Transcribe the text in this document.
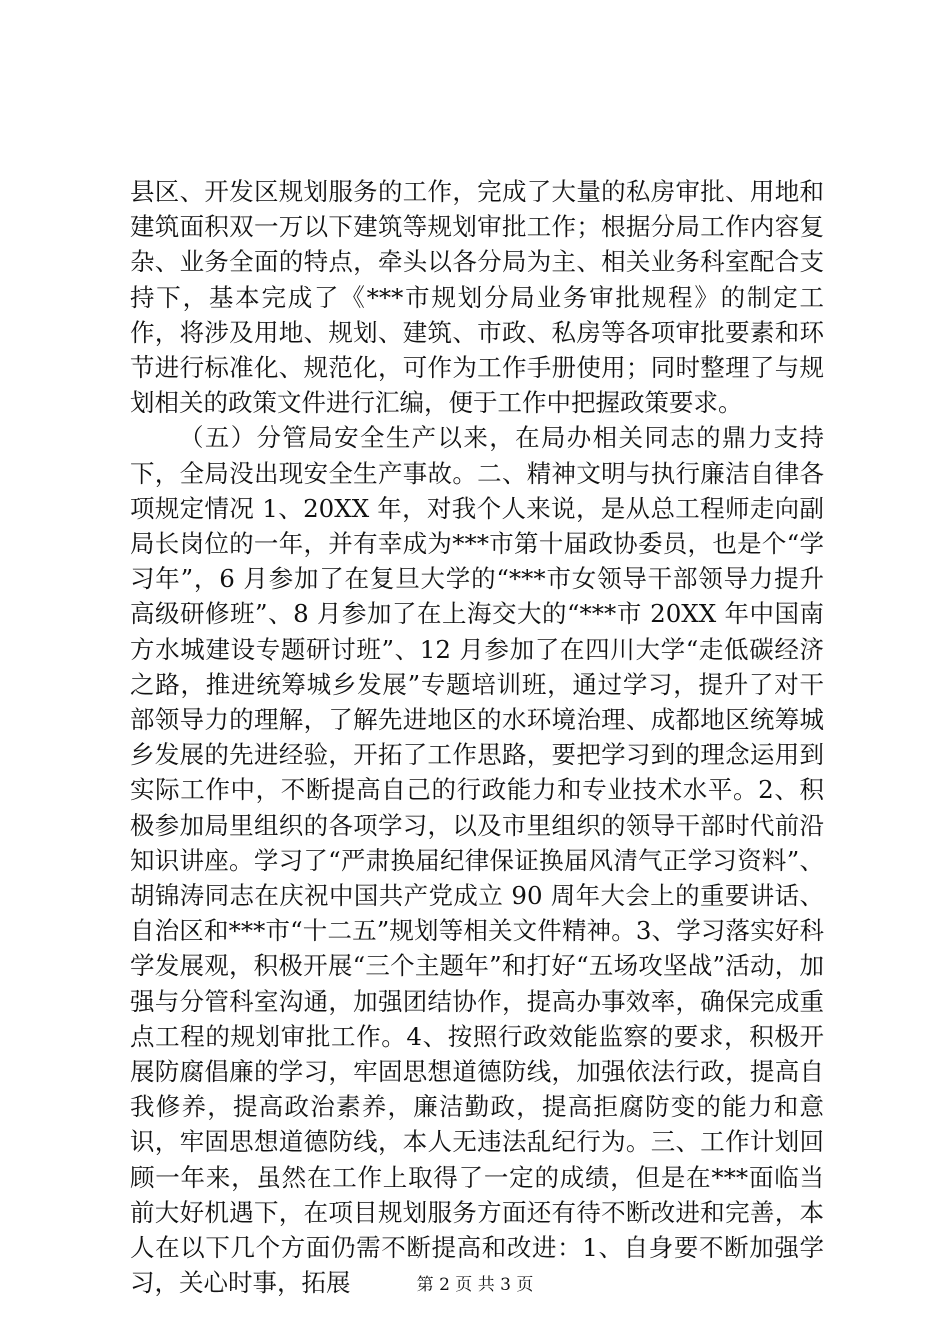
县区、开发区规划服务的工作，完成了大量的私房审批、用地和建筑面积双一万以下建筑等规划审批工作；根据分局工作内容复杂、业务全面的特点，牵头以各分局为主、相关业务科室配合支持下，基本完成了《***市规划分局业务审批规程》的制定工作，将涉及用地、规划、建筑、市政、私房等各项审批要素和环节进行标准化、规范化，可作为工作手册使用；同时整理了与规划相关的政策文件进行汇编，便于工作中把握政策要求。

（五）分管局安全生产以来，在局办相关同志的鼎力支持下，全局没出现安全生产事故。二、精神文明与执行廉洁自律各项规定情况 1、20XX 年，对我个人来说，是从总工程师走向副局长岗位的一年，并有幸成为***市第十届政协委员，也是个“学习年”，6 月参加了在复旦大学的“***市女领导干部领导力提升高级研修班”、8 月参加了在上海交大的“***市 20XX 年中国南方水城建设专题研讨班”、12 月参加了在四川大学“走低碳经济之路，推进统筹城乡发展”专题培训班，通过学习，提升了对干部领导力的理解，了解先进地区的水环境治理、成都地区统筹城乡发展的先进经验，开拓了工作思路，要把学习到的理念运用到实际工作中，不断提高自己的行政能力和专业技术水平。2、积极参加局里组织的各项学习，以及市里组织的领导干部时代前沿知识讲座。学习了“严肃换届纪律保证换届风清气正学习资料”、胡锦涛同志在庆祝中国共产党成立 90 周年大会上的重要讲话、自治区和***市“十二五”规划等相关文件精神。3、学习落实好科学发展观，积极开展“三个主题年”和打好“五场攻坚战”活动，加强与分管科室沟通，加强团结协作，提高办事效率，确保完成重点工程的规划审批工作。4、按照行政效能监察的要求，积极开展防腐倡廉的学习，牢固思想道德防线，加强依法行政，提高自我修养，提高政治素养，廉洁勤政，提高拒腐防变的能力和意识，牢固思想道德防线，本人无违法乱纪行为。三、工作计划回顾一年来，虽然在工作上取得了一定的成绩，但是在***面临当前大好机遇下，在项目规划服务方面还有待不断改进和完善，本人在以下几个方面仍需不断提高和改进：1、自身要不断加强学习，关心时事，拓展	第 2 页 共 3 页
